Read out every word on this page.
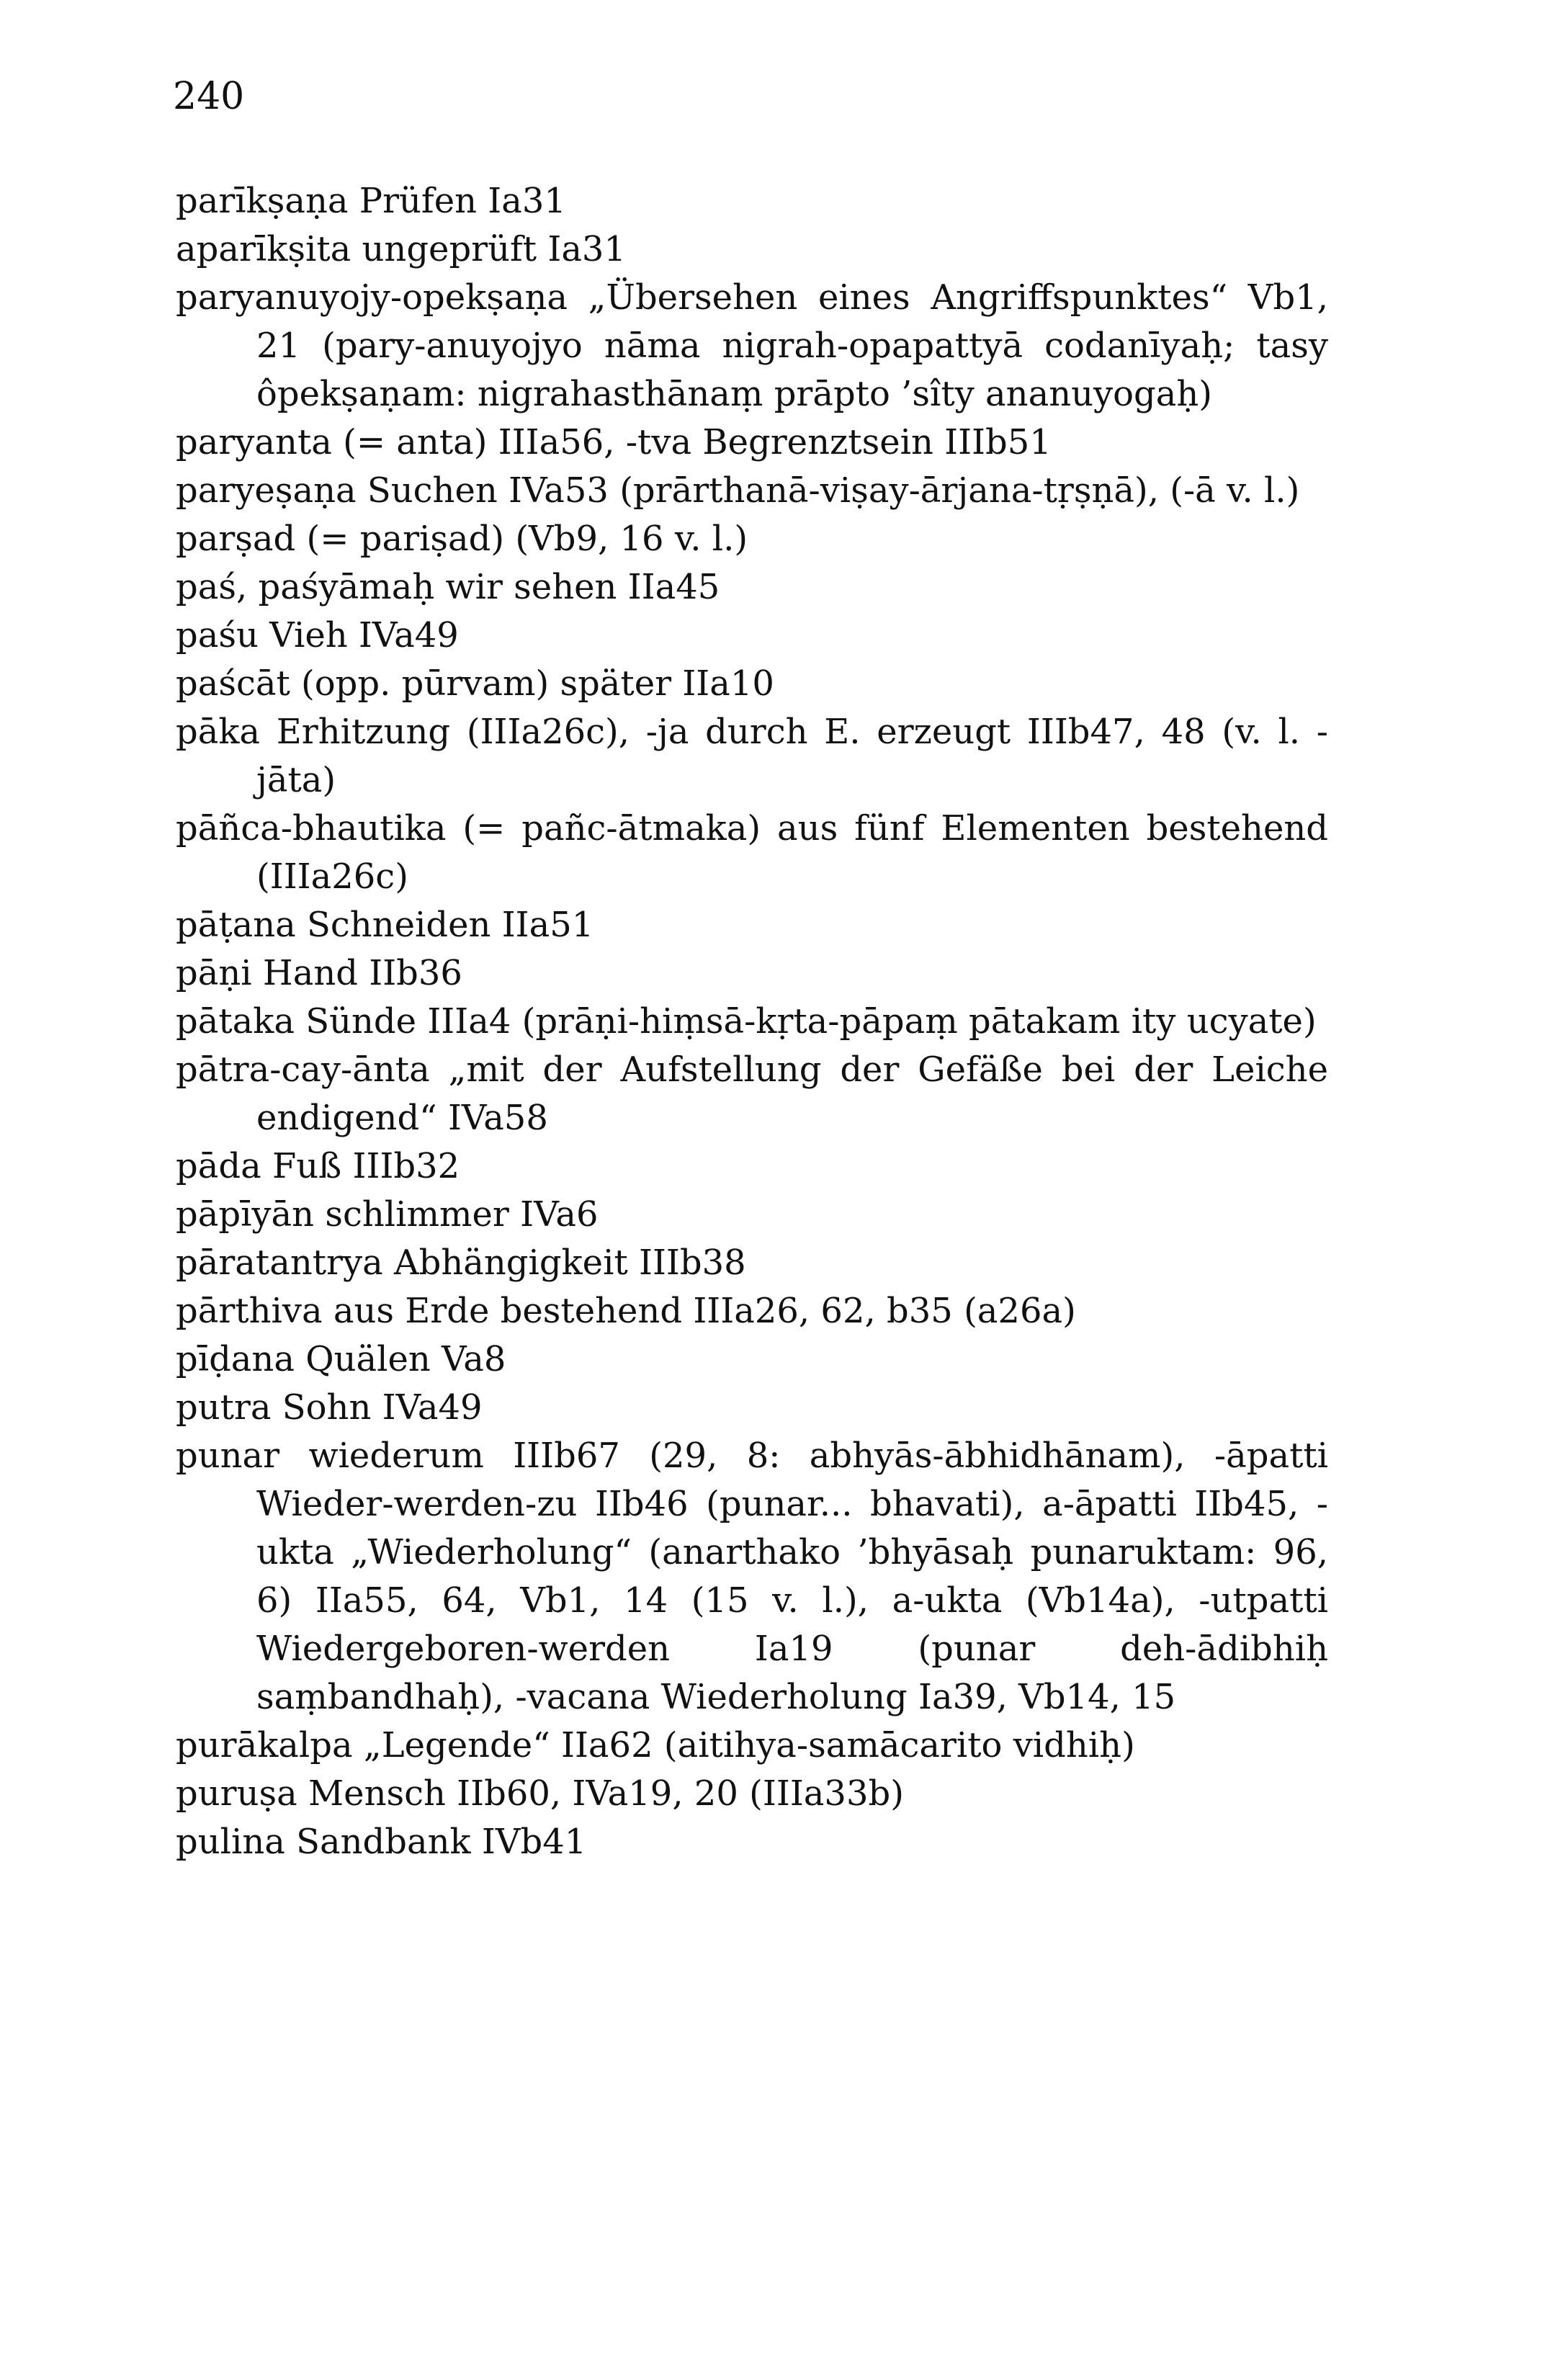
240
parīkṣaṇa Prüfen Ia31
aparīkṣita ungeprüft Ia31
paryanuyojy-opekṣaṇa „Übersehen eines Angriffspunktes“ Vb1, 21 (pary-anuyojyo nāma nigrah-opapattyā codanīyaḥ; tasy ôpekṣaṇam: nigrahasthānaṃ prāpto ’sîty ananuyogaḥ)
paryanta (= anta) IIIa56, -tva Begrenztsein IIIb51
paryeṣaṇa Suchen IVa53 (prārthanā-viṣay-ārjana-tṛṣṇā), (-ā v. l.)
parṣad (= pariṣad) (Vb9, 16 v. l.)
paś, paśyāmaḥ wir sehen IIa45
paśu Vieh IVa49
paścāt (opp. pūrvam) später IIa10
pāka Erhitzung (IIIa26c), -ja durch E. erzeugt IIIb47, 48 (v. l. -jāta)
pāñca-bhautika (= pañc-ātmaka) aus fünf Elementen bestehend (IIIa26c)
pāṭana Schneiden IIa51
pāṇi Hand IIb36
pātaka Sünde IIIa4 (prāṇi-hiṃsā-kṛta-pāpaṃ pātakam ity ucyate)
pātra-cay-ānta „mit der Aufstellung der Gefäße bei der Leiche endigend“ IVa58
pāda Fuß IIIb32
pāpīyān schlimmer IVa6
pāratantrya Abhängigkeit IIIb38
pārthiva aus Erde bestehend IIIa26, 62, b35 (a26a)
pīḍana Quälen Va8
putra Sohn IVa49
punar wiederum IIIb67 (29, 8: abhyās-ābhidhānam), -āpatti Wieder-werden-zu IIb46 (punar... bhavati), a-āpatti IIb45, -ukta „Wiederholung“ (anarthako ’bhyāsaḥ punaruktam: 96, 6) IIa55, 64, Vb1, 14 (15 v. l.), a-ukta (Vb14a), -utpatti Wiedergeboren-werden Ia19 (punar deh-ādibhiḥ saṃbandhaḥ), -vacana Wiederholung Ia39, Vb14, 15
purākalpa „Legende“ IIa62 (aitihya-samācarito vidhiḥ)
puruṣa Mensch IIb60, IVa19, 20 (IIIa33b)
pulina Sandbank IVb41
